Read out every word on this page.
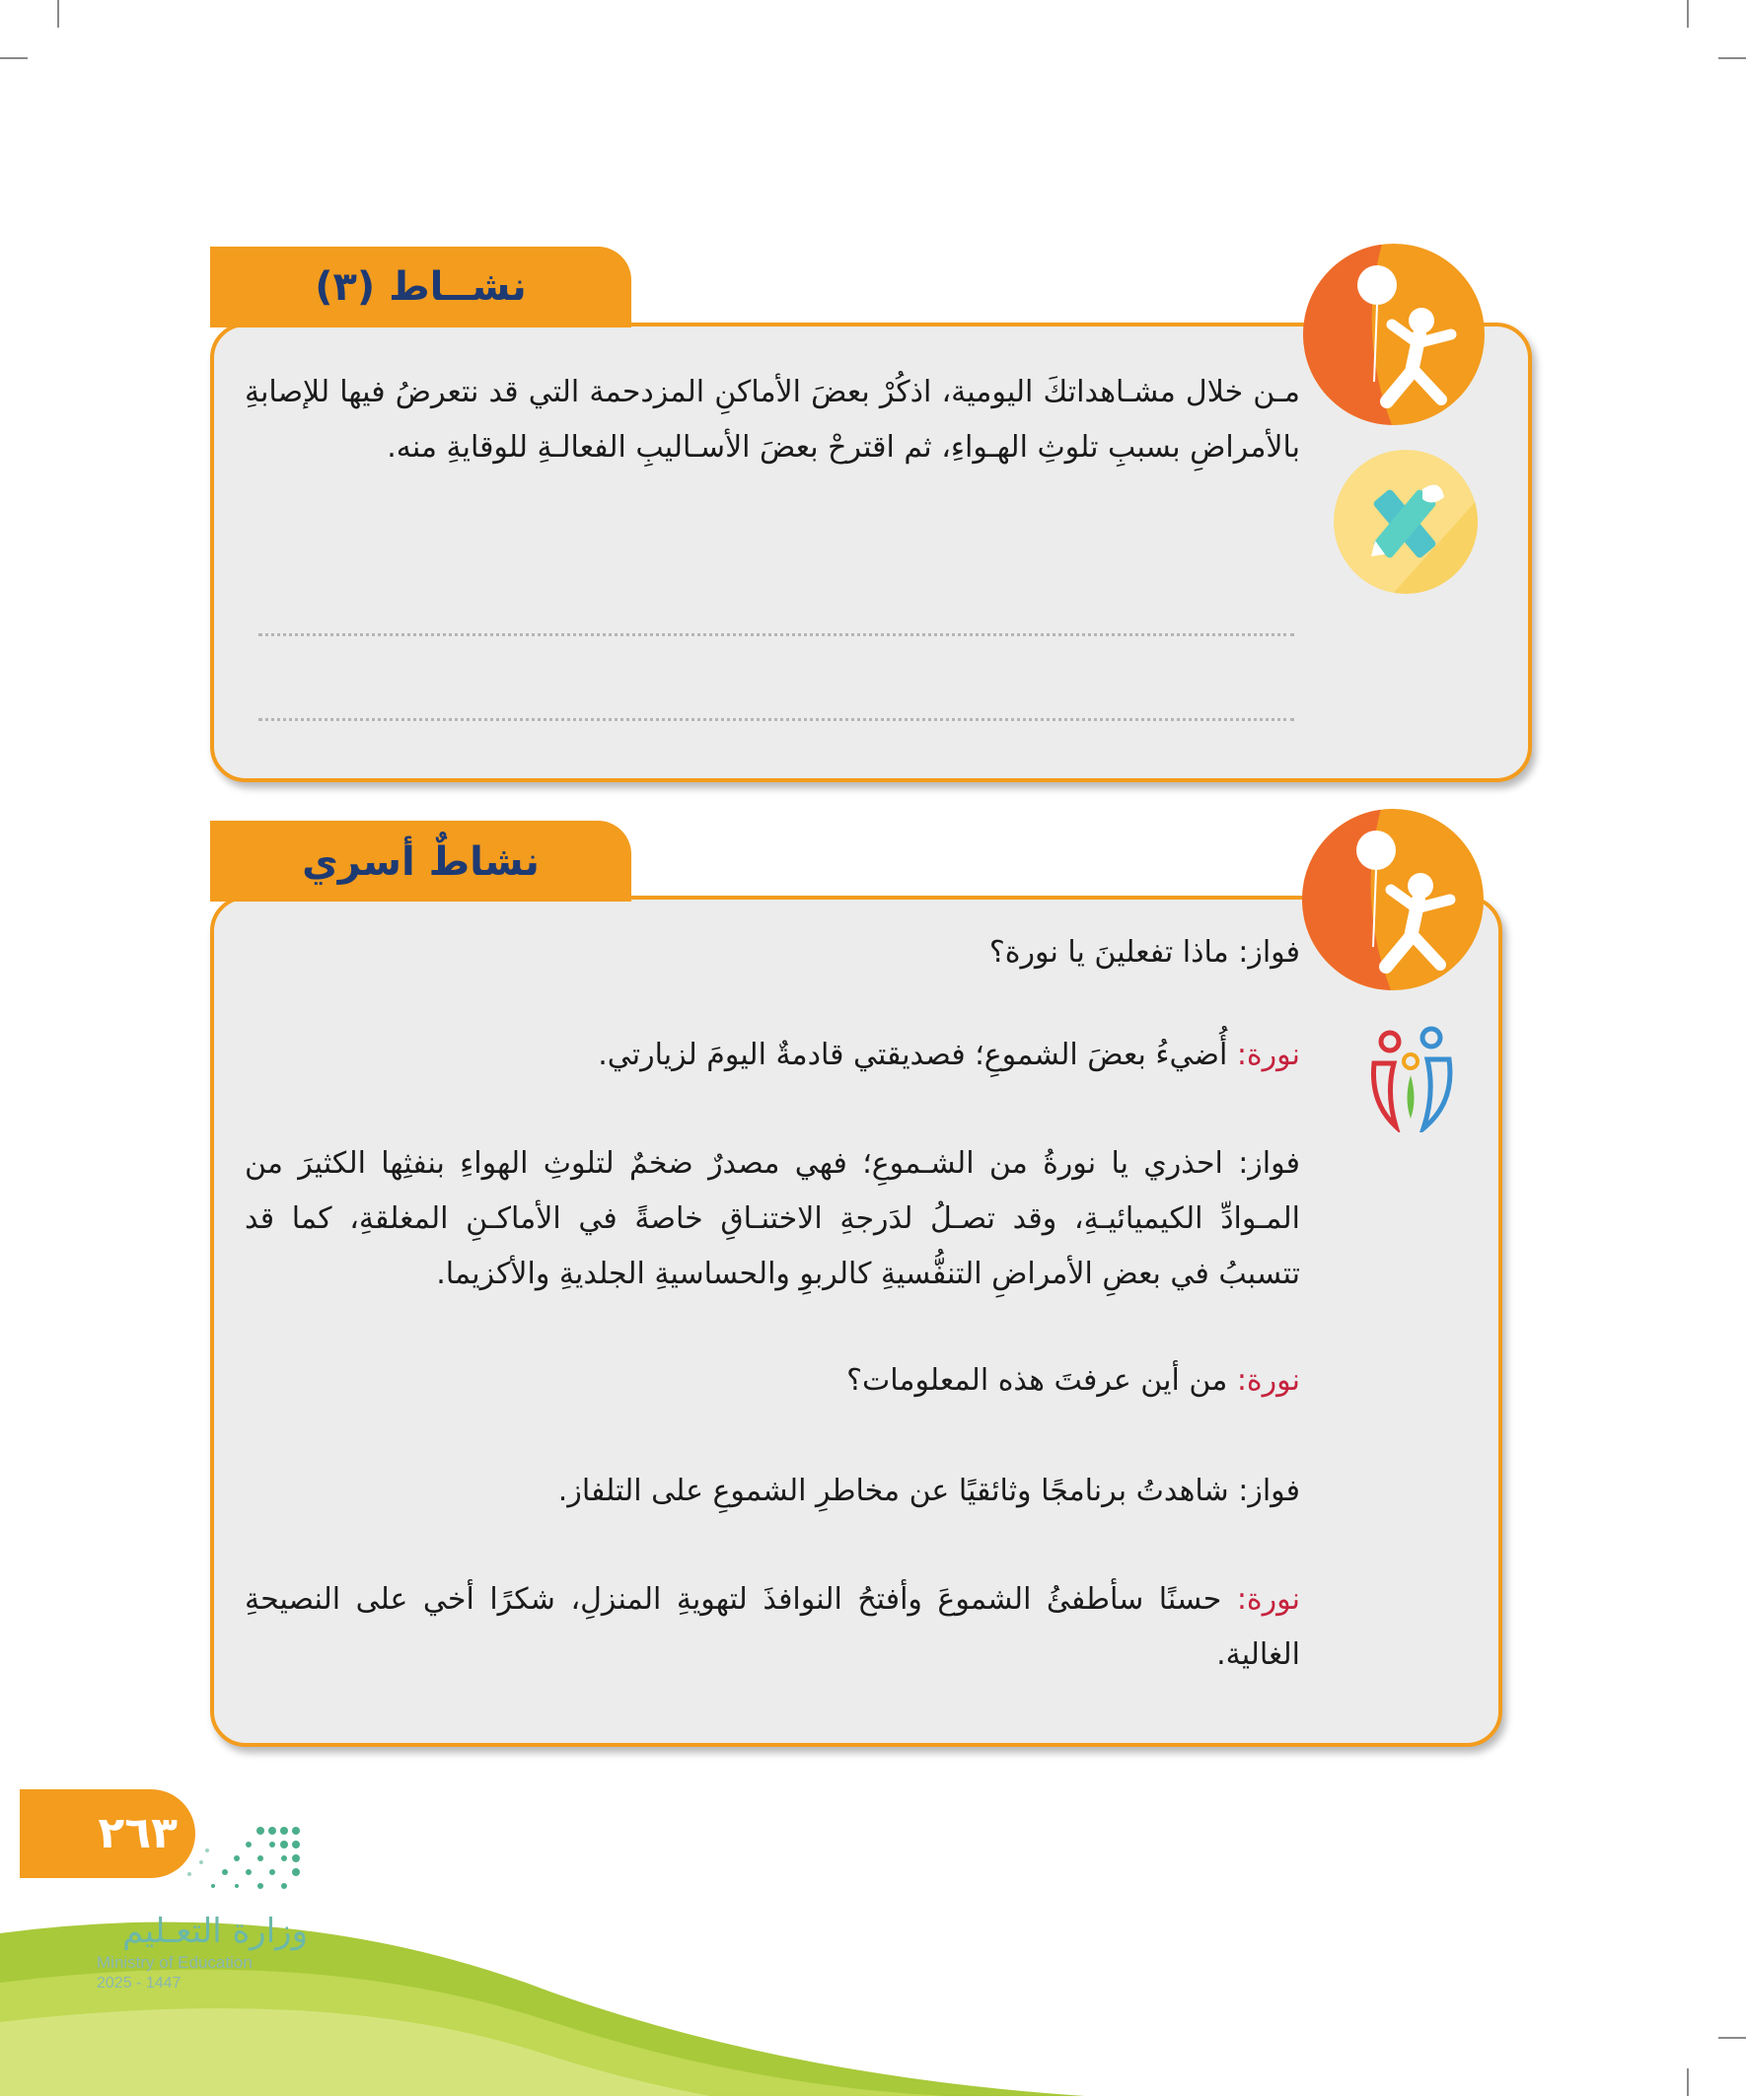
نشــاط (٣)
مـن خلال مشـاهداتكَ اليومية، اذكُرْ بعضَ الأماكنِ المزدحمة التي قد نتعرضُ فيها للإصابةِ بالأمراضِ بسببِ تلوثِ الهـواءِ، ثم اقترحْ بعضَ الأسـاليبِ الفعالـةِ للوقايةِ منه.
نشاطٌ أسري
فواز: ماذا تفعلينَ يا نورة؟
نورة: أُضيءُ بعضَ الشموعِ؛ فصديقتي قادمةٌ اليومَ لزيارتي.
فواز: احذري يا نورةُ من الشـموعِ؛ فهي مصدرٌ ضخمٌ لتلوثِ الهواءِ بنفثِها الكثيرَ من المـوادِّ الكيميائيـةِ، وقد تصـلُ لدَرجةِ الاختنـاقِ خاصةً في الأماكـنِ المغلقةِ، كما قد تتسببُ في بعضِ الأمراضِ التنفُّسيةِ كالربوِ والحساسيةِ الجلديةِ والأكزيما.
نورة: من أين عرفتَ هذه المعلومات؟
فواز: شاهدتُ برنامجًا وثائقيًا عن مخاطرِ الشموعِ على التلفاز.
نورة: حسنًا سأطفئُ الشموعَ وأفتحُ النوافذَ لتهويةِ المنزلِ، شكرًا أخي على النصيحةِ الغالية.
٢٦٣
وزارة التعـليم
Ministry of Education
2025 - 1447
